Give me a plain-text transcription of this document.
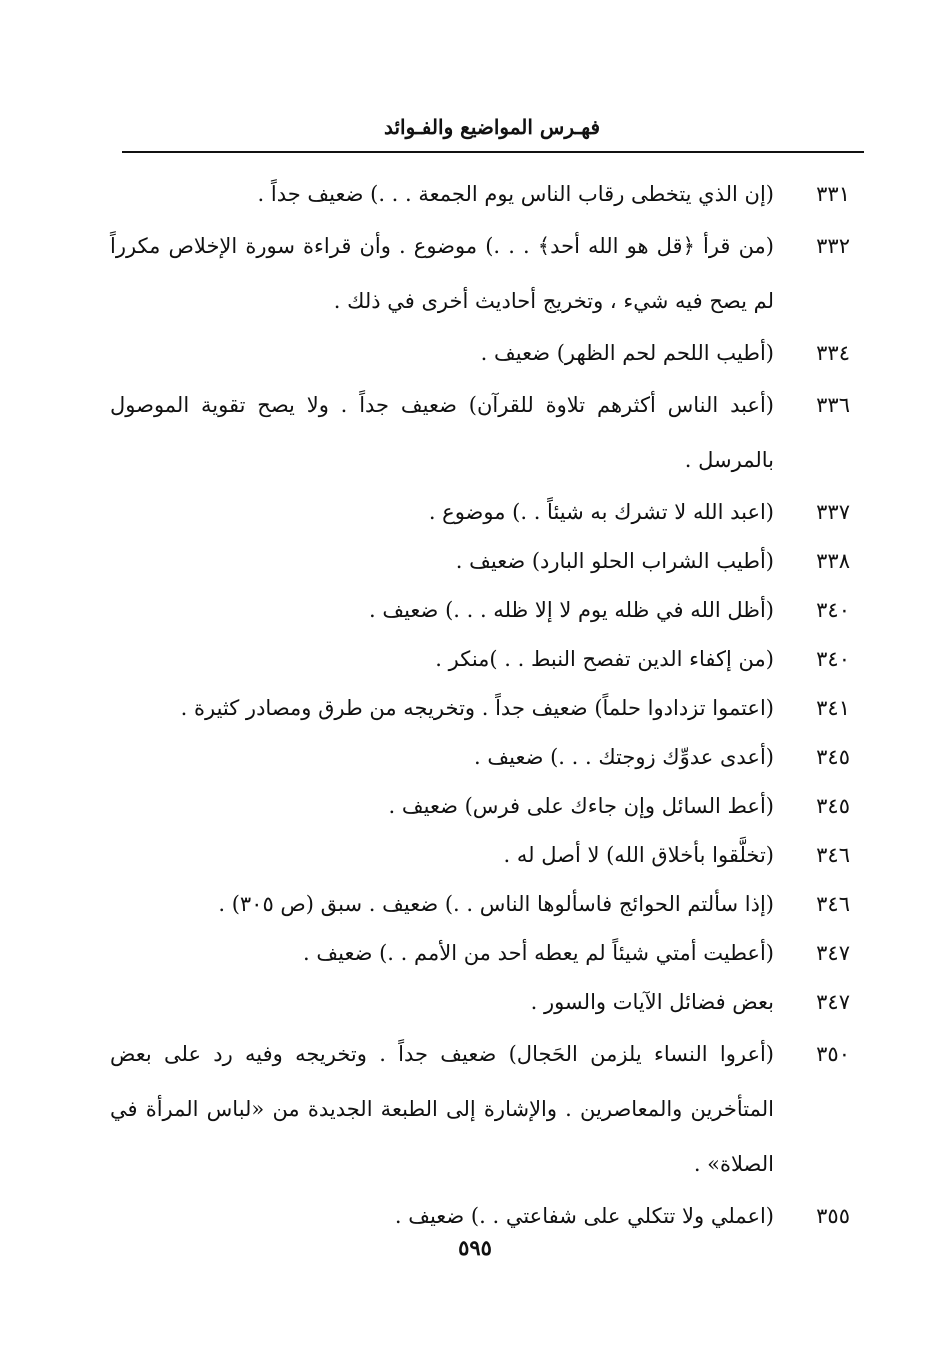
فهـرس المواضيع والفـوائد
٣٣١
(إن الذي يتخطى رقاب الناس يوم الجمعة . . .) ضعيف جداً .
٣٣٢
(من قرأ ﴿قل هو الله أحد﴾ . . .) موضوع . وأن قراءة سورة الإخلاص مكرراً لم يصح فيه شيء ، وتخريج أحاديث أخرى في ذلك .
٣٣٤
(أطيب اللحم لحم الظهر) ضعيف .
٣٣٦
(أعبد الناس أكثرهم تلاوة للقرآن) ضعيف جداً . ولا يصح تقوية الموصول بالمرسل .
٣٣٧
(اعبد الله لا تشرك به شيئاً . .) موضوع .
٣٣٨
(أطيب الشراب الحلو البارد) ضعيف .
٣٤٠
(أظل الله في ظله يوم لا إلا ظله . . .) ضعيف .
٣٤٠
(من إكفاء الدين تفصح النبط . . )منكر .
٣٤١
(اعتموا تزدادوا حلماً) ضعيف جداً . وتخريجه من طرق ومصادر كثيرة .
٣٤٥
(أعدى عدوِّك زوجتك . . .) ضعيف .
٣٤٥
(أعط السائل وإن جاءك على فرس) ضعيف .
٣٤٦
(تخلَّقوا بأخلاق الله) لا أصل له .
٣٤٦
(إذا سألتم الحوائج فاسألوها الناس . .) ضعيف . سبق (ص ٣٠٥) .
٣٤٧
(أعطيت أمتي شيئاً لم يعطه أحد من الأمم . .) ضعيف .
٣٤٧
بعض فضائل الآيات والسور .
٣٥٠
(أعروا النساء يلزمن الحَجال) ضعيف جداً . وتخريجه وفيه رد على بعض المتأخرين والمعاصرين . والإشارة إلى الطبعة الجديدة من «لباس المرأة في الصلاة» .
٣٥٥
(اعملي ولا تتكلي على شفاعتي . .) ضعيف .
٥٩٥
